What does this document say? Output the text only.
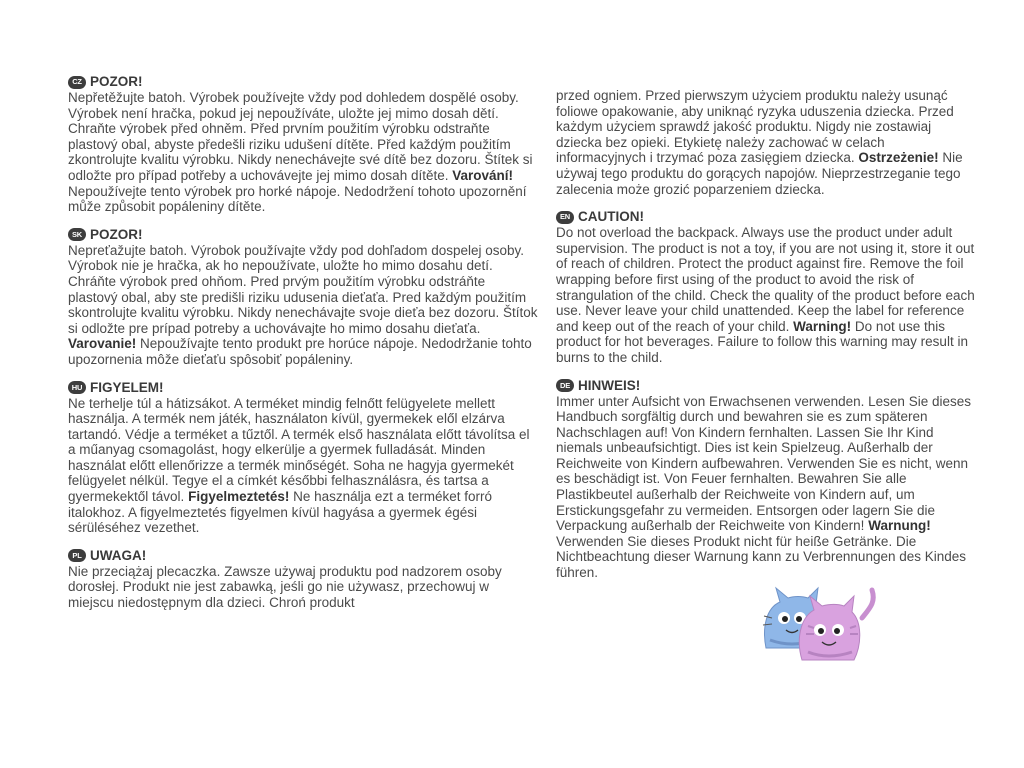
CZ POZOR!
Nepřetěžujte batoh. Výrobek používejte vždy pod dohledem dospělé osoby. Výrobek není hračka, pokud jej nepoužíváte, uložte jej mimo dosah dětí. Chraňte výrobek před ohněm. Před prvním použitím výrobku odstraňte plastový obal, abyste předešli riziku udušení dítěte. Před každým použitím zkontrolujte kvalitu výrobku. Nikdy nenechávejte své dítě bez dozoru. Štítek si odložte pro případ potřeby a uchovávejte jej mimo dosah dítěte. Varování! Nepoužívejte tento výrobek pro horké nápoje. Nedodržení tohoto upozornění může způsobit popáleniny dítěte.
SK POZOR!
Nepreťažujte batoh. Výrobok používajte vždy pod dohľadom dospelej osoby. Výrobok nie je hračka, ak ho nepoužívate, uložte ho mimo dosahu detí. Chráňte výrobok pred ohňom. Pred prvým použitím výrobku odstráňte plastový obal, aby ste predišli riziku udusenia dieťaťa. Pred každým použitím skontrolujte kvalitu výrobku. Nikdy nenechávajte svoje dieťa bez dozoru. Štítok si odložte pre prípad potreby a uchovávajte ho mimo dosahu dieťaťa. Varovanie! Nepoužívajte tento produkt pre horúce nápoje. Nedodržanie tohto upozornenia môže dieťaťu spôsobiť popáleniny.
HU FIGYELEM!
Ne terhelje túl a hátizsákot. A terméket mindig felnőtt felügyelete mellett használja. A termék nem játék, használaton kívül, gyermekek elől elzárva tartandó. Védje a terméket a tűztől. A termék első használata előtt távolítsa el a műanyag csomagolást, hogy elkerülje a gyermek fulladását. Minden használat előtt ellenőrizze a termék minőségét. Soha ne hagyja gyermekét felügyelet nélkül. Tegye el a címkét későbbi felhasználásra, és tartsa a gyermekektől távol. Figyelmeztetés! Ne használja ezt a terméket forró italokhoz. A figyelmeztetés figyelmen kívül hagyása a gyermek égési sérüléséhez vezethet.
PL UWAGA!
Nie przeciążaj plecaczka. Zawsze używaj produktu pod nadzorem osoby dorosłej. Produkt nie jest zabawką, jeśli go nie używasz, przechowuj w miejscu niedostępnym dla dzieci. Chroń produkt
przed ogniem. Przed pierwszym użyciem produktu należy usunąć foliowe opakowanie, aby uniknąć ryzyka uduszenia dziecka. Przed każdym użyciem sprawdź jakość produktu. Nigdy nie zostawiaj dziecka bez opieki. Etykietę należy zachować w celach informacyjnych i trzymać poza zasięgiem dziecka. Ostrzeżenie! Nie używaj tego produktu do gorących napojów. Nieprzestrzeganie tego zalecenia może grozić poparzeniem dziecka.
EN CAUTION!
Do not overload the backpack. Always use the product under adult supervision. The product is not a toy, if you are not using it, store it out of reach of children. Protect the product against fire. Remove the foil wrapping before first using of the product to avoid the risk of strangulation of the child. Check the quality of the product before each use. Never leave your child unattended. Keep the label for reference and keep out of the reach of your child. Warning! Do not use this product for hot beverages. Failure to follow this warning may result in burns to the child.
DE HINWEIS!
Immer unter Aufsicht von Erwachsenen verwenden. Lesen Sie dieses Handbuch sorgfältig durch und bewahren sie es zum späteren Nachschlagen auf! Von Kindern fernhalten. Lassen Sie Ihr Kind niemals unbeaufsichtigt. Dies ist kein Spielzeug. Außerhalb der Reichweite von Kindern aufbewahren. Verwenden Sie es nicht, wenn es beschädigt ist. Von Feuer fernhalten. Bewahren Sie alle Plastikbeutel außerhalb der Reichweite von Kindern auf, um Erstickungsgefahr zu vermeiden. Entsorgen oder lagern Sie die Verpackung außerhalb der Reichweite von Kindern! Warnung! Verwenden Sie dieses Produkt nicht für heiße Getränke. Die Nichtbeachtung dieser Warnung kann zu Verbrennungen des Kindes führen.
